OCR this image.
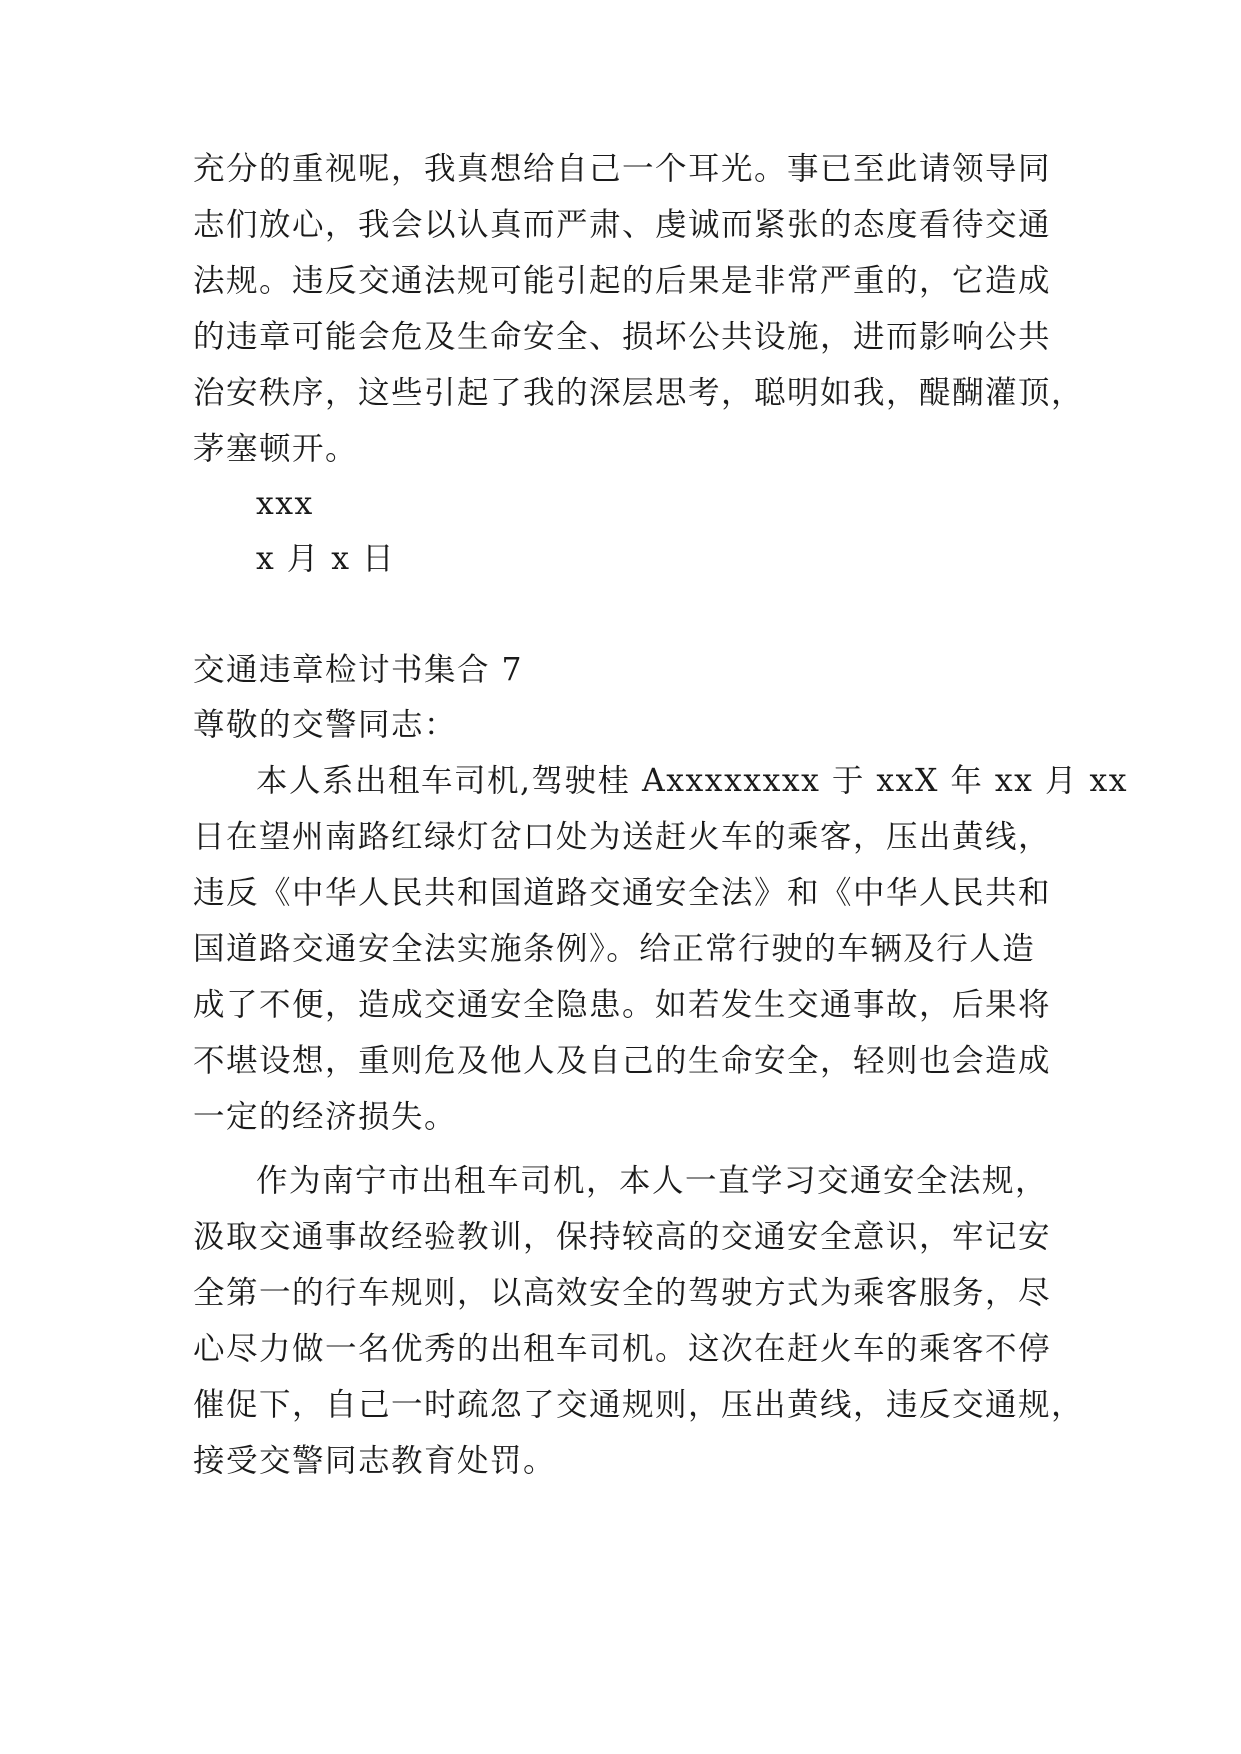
充分的重视呢，我真想给自己一个耳光。事已至此请领导同
志们放心，我会以认真而严肃、虔诚而紧张的态度看待交通
法规。违反交通法规可能引起的后果是非常严重的，它造成
的违章可能会危及生命安全、损坏公共设施，进而影响公共
治安秩序，这些引起了我的深层思考，聪明如我，醍醐灌顶，
茅塞顿开。
xxx
x 月 x 日
交通违章检讨书集合 7
尊敬的交警同志：
本人系出租车司机,驾驶桂 Axxxxxxxx 于 xxX 年 xx 月 xx
日在望州南路红绿灯岔口处为送赶火车的乘客，压出黄线，
违反《中华人民共和国道路交通安全法》和《中华人民共和
国道路交通安全法实施条例》。给正常行驶的车辆及行人造
成了不便，造成交通安全隐患。如若发生交通事故，后果将
不堪设想，重则危及他人及自己的生命安全，轻则也会造成
一定的经济损失。
作为南宁市出租车司机，本人一直学习交通安全法规，
汲取交通事故经验教训，保持较高的交通安全意识，牢记安
全第一的行车规则，以高效安全的驾驶方式为乘客服务，尽
心尽力做一名优秀的出租车司机。这次在赶火车的乘客不停
催促下，自己一时疏忽了交通规则，压出黄线，违反交通规，
接受交警同志教育处罚。
